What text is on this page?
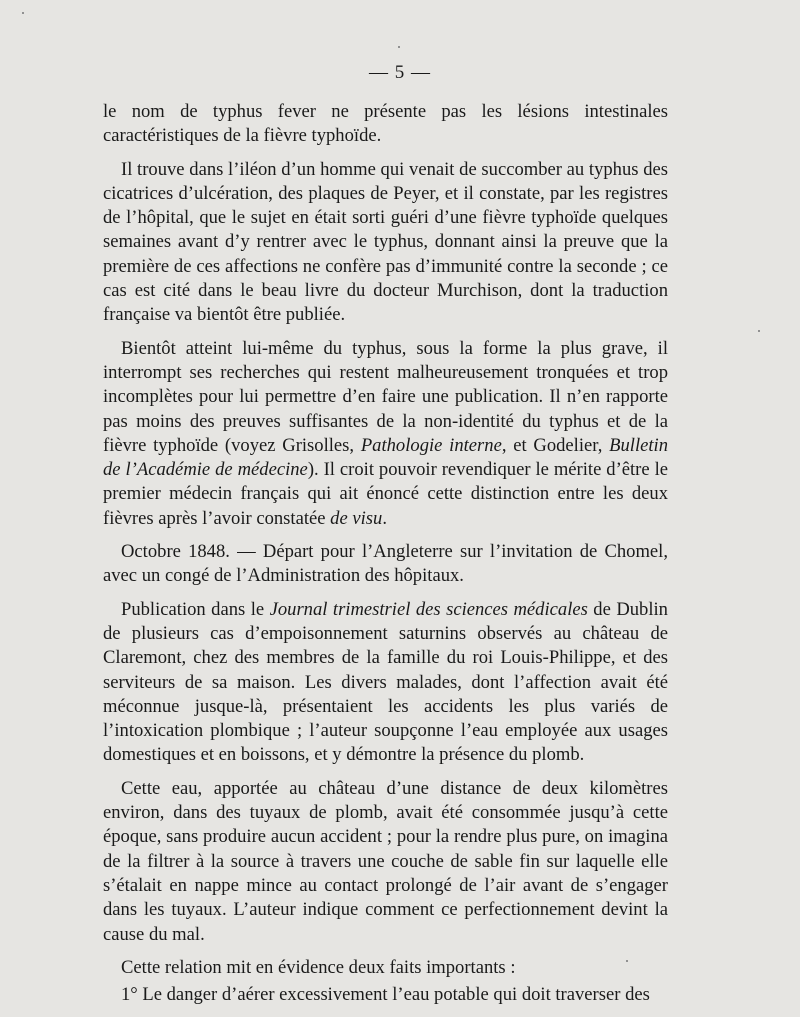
— 5 —

le nom de typhus fever ne présente pas les lésions intestinales caractéristiques de la fièvre typhoïde.

Il trouve dans l’iléon d’un homme qui venait de succomber au typhus des cicatrices d’ulcération, des plaques de Peyer, et il constate, par les registres de l’hôpital, que le sujet en était sorti guéri d’une fièvre typhoïde quelques semaines avant d’y rentrer avec le typhus, donnant ainsi la preuve que la première de ces affections ne confère pas d’immunité contre la seconde ; ce cas est cité dans le beau livre du docteur Murchison, dont la traduction française va bientôt être publiée.

Bientôt atteint lui-même du typhus, sous la forme la plus grave, il interrompt ses recherches qui restent malheureusement tronquées et trop incomplètes pour lui permettre d’en faire une publication. Il n’en rapporte pas moins des preuves suffisantes de la non-identité du typhus et de la fièvre typhoïde (voyez Grisolles, Pathologie interne, et Godelier, Bulletin de l’Académie de médecine). Il croit pouvoir revendiquer le mérite d’être le premier médecin français qui ait énoncé cette distinction entre les deux fièvres après l’avoir constatée de visu.

Octobre 1848. — Départ pour l’Angleterre sur l’invitation de Chomel, avec un congé de l’Administration des hôpitaux.

Publication dans le Journal trimestriel des sciences médicales de Dublin de plusieurs cas d’empoisonnement saturnins observés au château de Claremont, chez des membres de la famille du roi Louis-Philippe, et des serviteurs de sa maison. Les divers malades, dont l’affection avait été méconnue jusque-là, présentaient les accidents les plus variés de l’intoxication plombique ; l’auteur soupçonne l’eau employée aux usages domestiques et en boissons, et y démontre la présence du plomb.

Cette eau, apportée au château d’une distance de deux kilomètres environ, dans des tuyaux de plomb, avait été consommée jusqu’à cette époque, sans produire aucun accident ; pour la rendre plus pure, on imagina de la filtrer à la source à travers une couche de sable fin sur laquelle elle s’étalait en nappe mince au contact prolongé de l’air avant de s’engager dans les tuyaux. L’auteur indique comment ce perfectionnement devint la cause du mal.

Cette relation mit en évidence deux faits importants :

1° Le danger d’aérer excessivement l’eau potable qui doit traverser des
